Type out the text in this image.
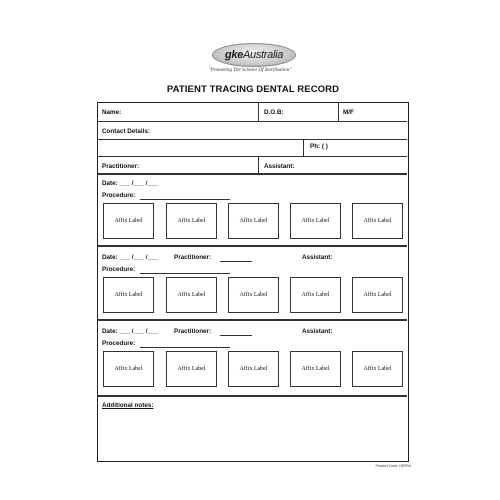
gkeAustralia
"Promoting The Science Of Sterilisation"
PATIENT TRACING DENTAL RECORD
Name:	D.O.B:	M/F
Contact Details:
Ph: ( )
Practitioner:	Assistant:
Date: ___ /___ /___
Procedure:
Affix Label	Affix Label	Affix Label	Affix Label	Affix Label
Date: ___ /___ /___	Practitioner:	Assistant:
Procedure:
Affix Label	Affix Label	Affix Label	Affix Label	Affix Label
Date: ___ /___ /___	Practitioner:	Assistant:
Procedure:
Affix Label	Affix Label	Affix Label	Affix Label	Affix Label
Additional notes:
Product Code: DRP04
